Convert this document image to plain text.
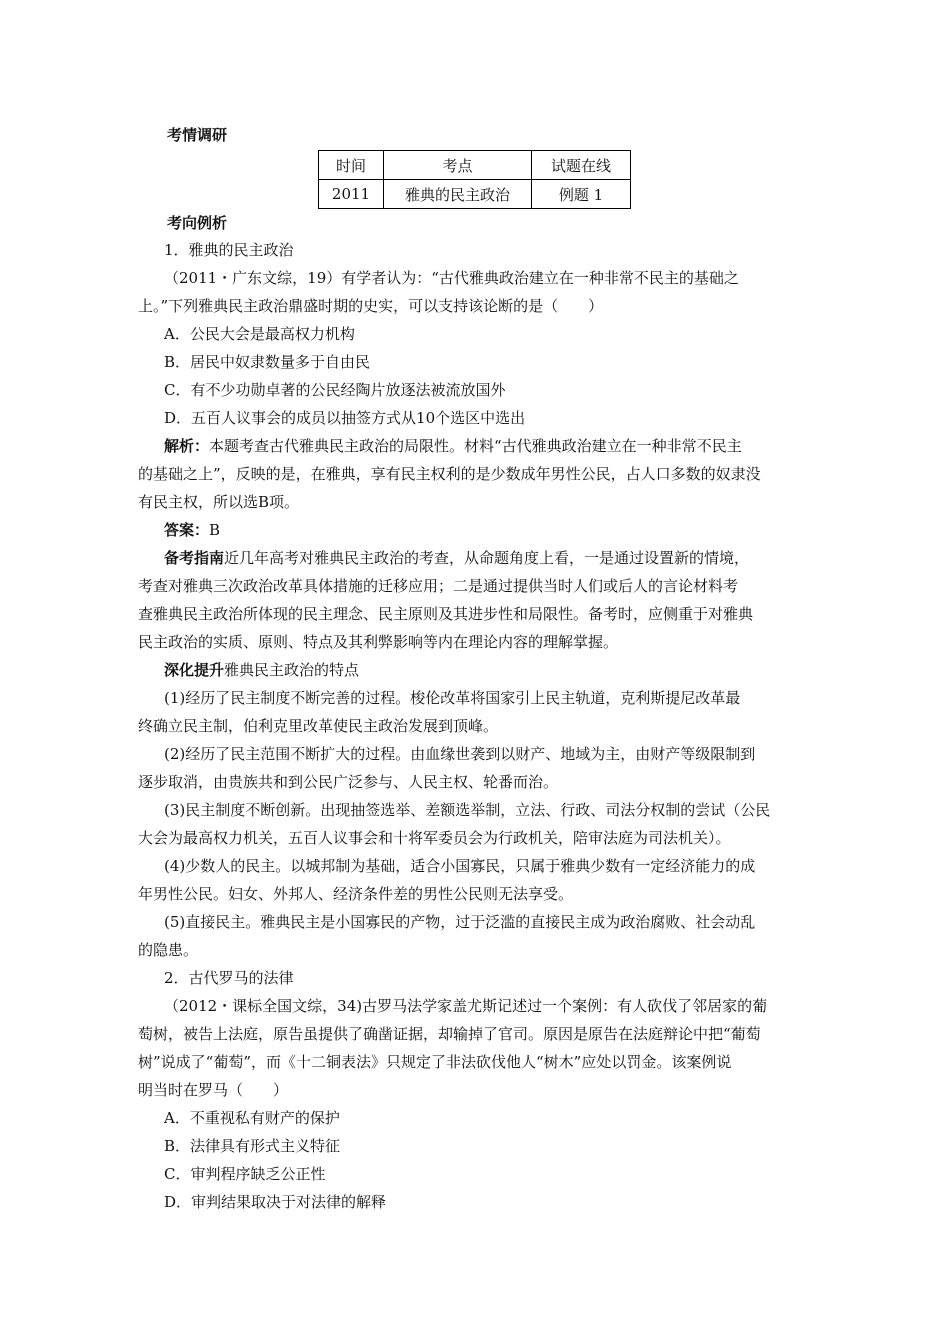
考情调研
时间	考点	试题在线
2011	雅典的民主政治	例题 1
考向例析
1．雅典的民主政治
（2011・广东文综，19）有学者认为：“古代雅典政治建立在一种非常不民主的基础之
上。”下列雅典民主政治鼎盛时期的史实，可以支持该论断的是（　　）
A．公民大会是最高权力机构
B．居民中奴隶数量多于自由民
C．有不少功勋卓著的公民经陶片放逐法被流放国外
D．五百人议事会的成员以抽签方式从10个选区中选出
解析：本题考查古代雅典民主政治的局限性。材料“古代雅典政治建立在一种非常不民主
的基础之上”，反映的是，在雅典，享有民主权利的是少数成年男性公民，占人口多数的奴隶没
有民主权，所以选B项。
答案：B
备考指南近几年高考对雅典民主政治的考查，从命题角度上看，一是通过设置新的情境，
考查对雅典三次政治改革具体措施的迁移应用；二是通过提供当时人们或后人的言论材料考
查雅典民主政治所体现的民主理念、民主原则及其进步性和局限性。备考时，应侧重于对雅典
民主政治的实质、原则、特点及其利弊影响等内在理论内容的理解掌握。
深化提升雅典民主政治的特点
(1)经历了民主制度不断完善的过程。梭伦改革将国家引上民主轨道，克利斯提尼改革最
终确立民主制，伯利克里改革使民主政治发展到顶峰。
(2)经历了民主范围不断扩大的过程。由血缘世袭到以财产、地域为主，由财产等级限制到
逐步取消，由贵族共和到公民广泛参与、人民主权、轮番而治。
(3)民主制度不断创新。出现抽签选举、差额选举制，立法、行政、司法分权制的尝试（公民
大会为最高权力机关，五百人议事会和十将军委员会为行政机关，陪审法庭为司法机关）。
(4)少数人的民主。以城邦制为基础，适合小国寡民，只属于雅典少数有一定经济能力的成
年男性公民。妇女、外邦人、经济条件差的男性公民则无法享受。
(5)直接民主。雅典民主是小国寡民的产物，过于泛滥的直接民主成为政治腐败、社会动乱
的隐患。
2．古代罗马的法律
（2012・课标全国文综，34)古罗马法学家盖尤斯记述过一个案例：有人砍伐了邻居家的葡
萄树，被告上法庭，原告虽提供了确凿证据，却输掉了官司。原因是原告在法庭辩论中把“葡萄
树”说成了“葡萄”，而《十二铜表法》只规定了非法砍伐他人“树木”应处以罚金。该案例说
明当时在罗马（　　）
A．不重视私有财产的保护
B．法律具有形式主义特征
C．审判程序缺乏公正性
D．审判结果取决于对法律的解释
